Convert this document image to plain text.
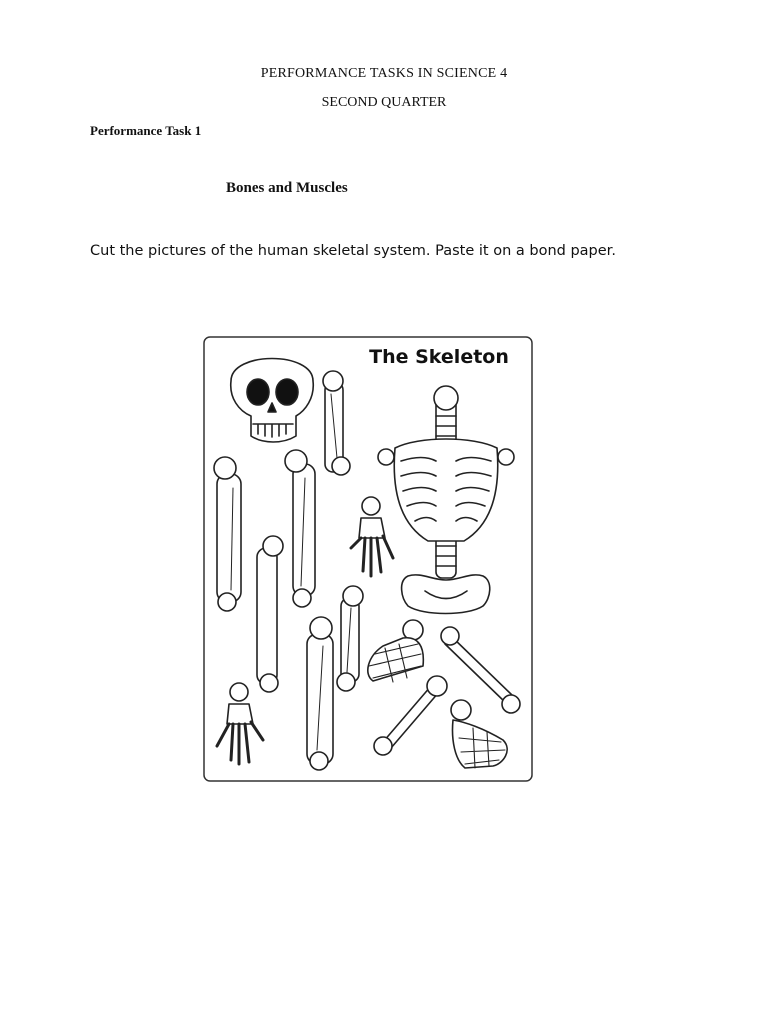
PERFORMANCE TASKS IN SCIENCE 4
SECOND QUARTER
Performance Task 1
Bones and Muscles
Cut the pictures of the human skeletal system. Paste it on a bond paper.
The Skeleton
